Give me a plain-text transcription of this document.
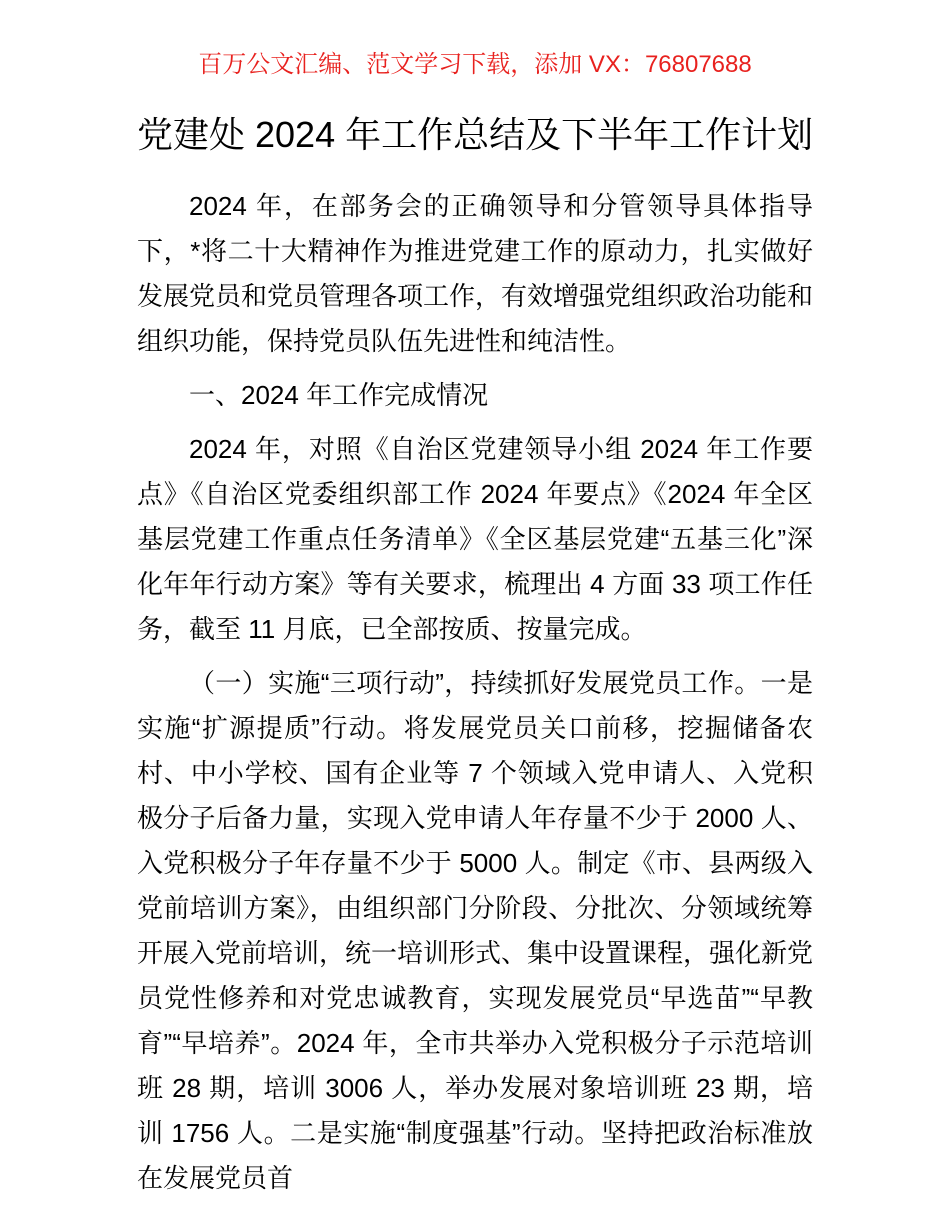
百万公文汇编、范文学习下载，添加 VX：76807688
党建处 2024 年工作总结及下半年工作计划

2024 年，在部务会的正确领导和分管领导具体指导下，*将二十大精神作为推进党建工作的原动力，扎实做好发展党员和党员管理各项工作，有效增强党组织政治功能和组织功能，保持党员队伍先进性和纯洁性。

一、2024 年工作完成情况

2024 年，对照《自治区党建领导小组 2024 年工作要点》《自治区党委组织部工作 2024 年要点》《2024 年全区基层党建工作重点任务清单》《全区基层党建“五基三化”深化年年行动方案》等有关要求，梳理出 4 方面 33 项工作任务，截至 11 月底，已全部按质、按量完成。

（一）实施“三项行动”，持续抓好发展党员工作。一是实施“扩源提质”行动。将发展党员关口前移，挖掘储备农村、中小学校、国有企业等 7 个领域入党申请人、入党积极分子后备力量，实现入党申请人年存量不少于 2000 人、入党积极分子年存量不少于 5000 人。制定《市、县两级入党前培训方案》，由组织部门分阶段、分批次、分领域统筹开展入党前培训，统一培训形式、集中设置课程，强化新党员党性修养和对党忠诚教育，实现发展党员“早选苗”“早教育”“早培养”。2024 年，全市共举办入党积极分子示范培训班 28 期，培训 3006 人，举办发展对象培训班 23 期，培训 1756 人。二是实施“制度强基”行动。坚持把政治标准放在发展党员首
